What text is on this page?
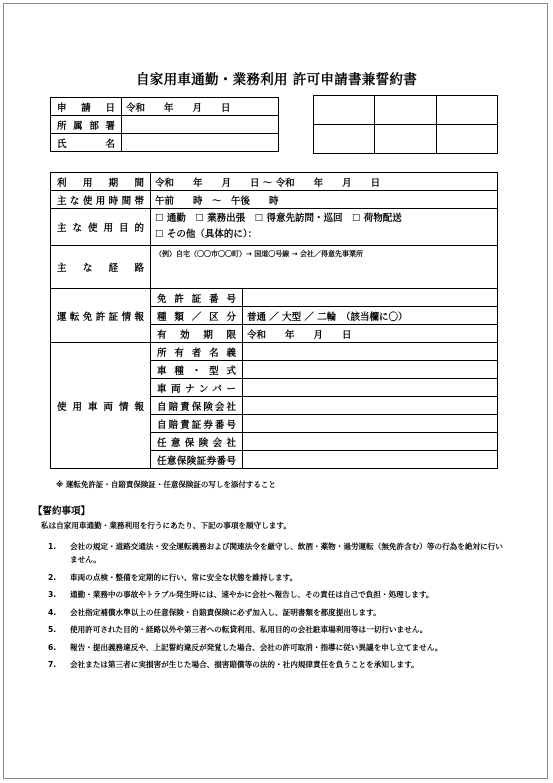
自家用車通勤・業務利用 許可申請書兼誓約書
申 請 日	令和　　年　　月　　日
所属部署	
氏　　名	

利 用 期 間	令和　　年　　月　　日 ～ 令和　　年　　月　　日	
主な使用時間帯	午前　　時　～　午後　　時	
主な使用目的	☐ 通勤　☐ 業務出張　☐ 得意先訪問・巡回　☐ 荷物配送
☐ その他（具体的に）：	

主 な 経 路	（例）自宅（〇〇市〇〇町）→ 国道〇号線 → 会社／得意先事業所	
運転免許証情報	免許証番号	
	種類／区分	普通 ／ 大型 ／ 二輪　（該当欄に〇）
	有効期限	令和　　年　　月　　日
使用車両情報	所有者名義	
	車種・型式	
	車両ナンバー	
	自賠責保険会社	
	自賠責証券番号	
	任意保険会社	
	任意保険証券番号	
※ 運転免許証・自賠責保険証・任意保険証の写しを添付すること
【誓約事項】
私は自家用車通勤・業務利用を行うにあたり、下記の事項を順守します。
1.	会社の規定・道路交通法・安全運転義務および関連法令を厳守し、飲酒・薬物・過労運転（無免許含む）等の行為を絶対に行いません。
2.	車両の点検・整備を定期的に行い、常に安全な状態を維持します。
3.	通勤・業務中の事故やトラブル発生時には、速やかに会社へ報告し、その責任は自己で負担・処理します。
4.	会社指定補償水準以上の任意保険・自賠責保険に必ず加入し、証明書類を都度提出します。
5.	使用許可された目的・経路以外や第三者への転貸利用、私用目的の会社駐車場利用等は一切行いません。
6.	報告・提出義務違反や、上記誓約違反が発覚した場合、会社の許可取消・指導に従い異議を申し立てません。
7.	会社または第三者に実損害が生じた場合、損害賠償等の法的・社内規律責任を負うことを承知します。
